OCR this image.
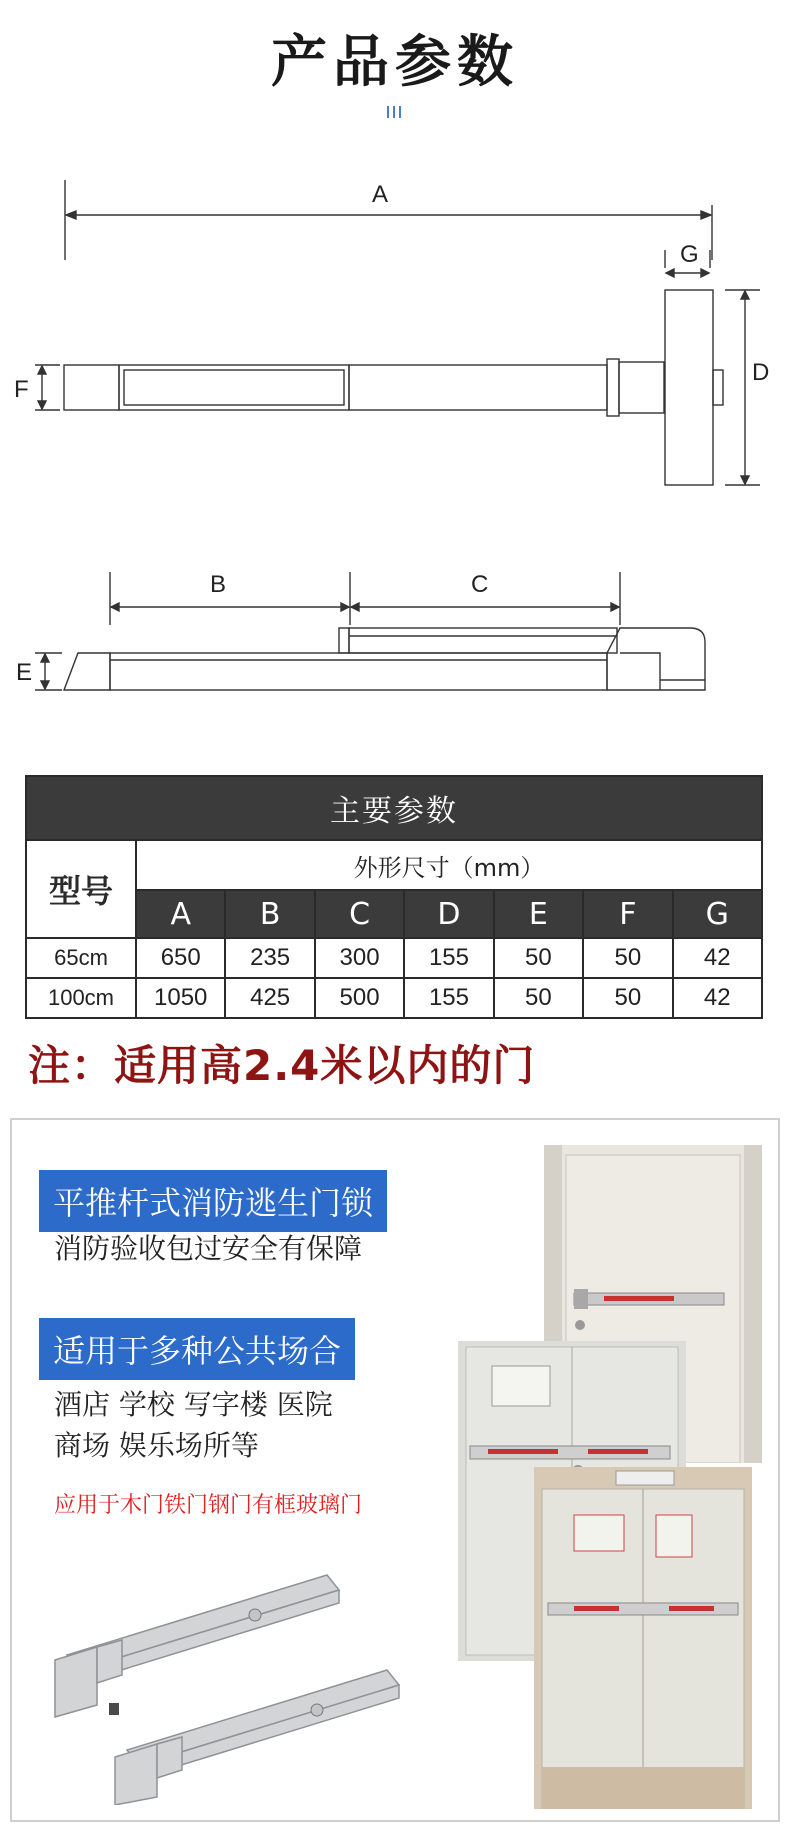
产品参数
A
G
F
D
B	C
E
主要参数							
型号	外形尺寸（mm）						
	A	B	C	D	E	F	G
65cm	650	235	300	155	50	50	42
100cm	1050	425	500	155	50	50	42
注：适用高2.4米以内的门
平推杆式消防逃生门锁
消防验收包过安全有保障
适用于多种公共场合
酒店 学校 写字楼 医院
商场 娱乐场所等
应用于木门铁门钢门有框玻璃门
